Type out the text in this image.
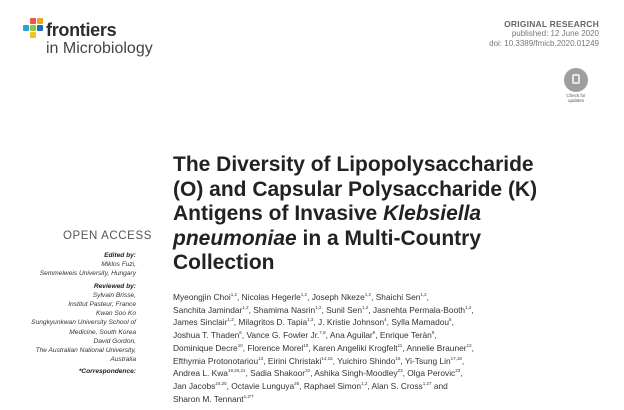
frontiers
in Microbiology
ORIGINAL RESEARCH
published: 12 June 2020
doi: 10.3389/fmicb.2020.01249
Check for
updates
The Diversity of Lipopolysaccharide
(O) and Capsular Polysaccharide (K)
Antigens of Invasive Klebsiella
pneumoniae in a Multi-Country
Collection
OPEN ACCESS
Edited by:
Miklos Fuzi,
Semmelweis University, Hungary
Reviewed by:
Sylvain Brisse,
Institut Pasteur, France
Kwan Soo Ko
Sungkyunkwan University School of
Medicine, South Korea
David Gordon,
The Australian National University,
Australia
*Correspondence:
Myeongjin Choi$^{1,2}$, Nicolas Hegerle$^{1,2}$, Joseph Nkeze$^{1,2}$, Shaichi Sen$^{1,2}$,
Sanchita Jamindar$^{1,2}$, Shamima Nasrin$^{1,2}$, Sunil Sen$^{1,2}$, Jasnehta Permala-Booth$^{1,2}$,
James Sinclair$^{1,2}$, Milagritos D. Tapia$^{1,3}$, J. Kristie Johnson$^4$, Sylla Mamadou$^5$,
Joshua T. Thaden$^6$, Vance G. Fowler Jr.$^{7,8}$, Ana Aguilar$^9$, Enrique Teràn$^9$,
Dominique Decre$^{10}$, Florence Morel$^{10}$, Karen Angeliki Krogfelt$^{11}$, Annelie Brauner$^{12}$,
Efthymia Protonotariou$^{13}$, Eirini Christaki$^{14,15}$, Yuichiro Shindo$^{16}$, Yi-Tsung Lin$^{17,18}$,
Andrea L. Kwa$^{19,20,21}$, Sadia Shakoor$^{22}$, Ashika Singh-Moodley$^{23}$, Olga Perovic$^{23}$,
Jan Jacobs$^{24,25}$, Octavie Lunguya$^{26}$, Raphael Simon$^{1,2}$, Alan S. Cross$^{1,27}$ and
Sharon M. Tennant$^{1,2*\dagger}$
